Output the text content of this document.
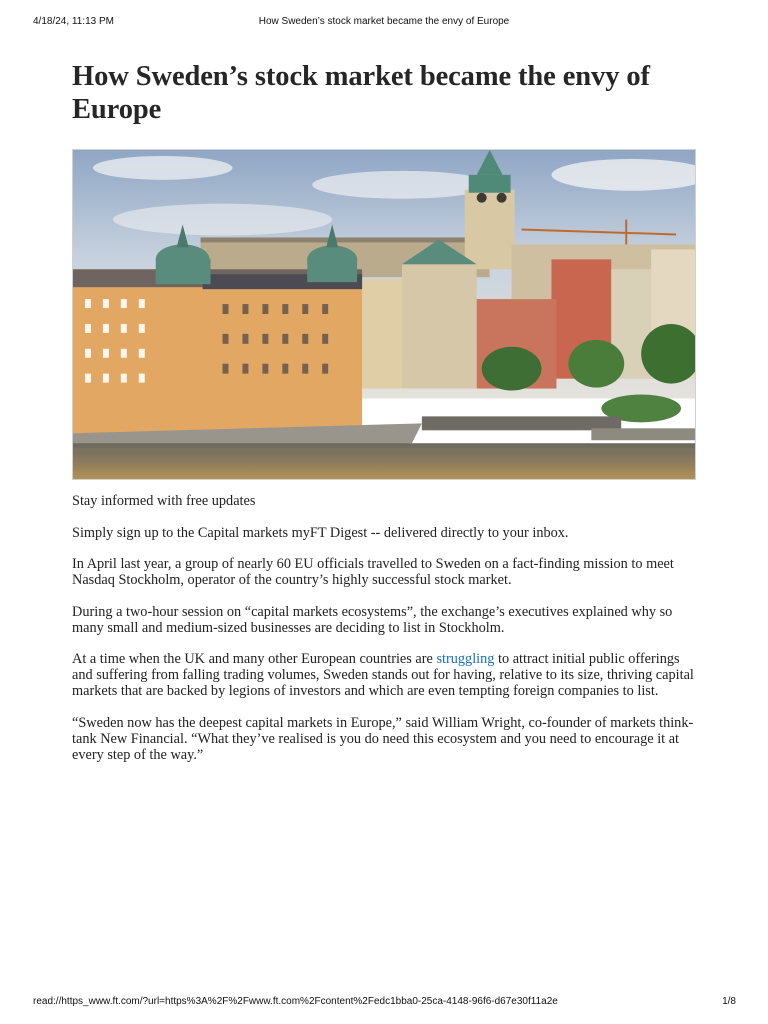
4/18/24, 11:13 PM	How Sweden’s stock market became the envy of Europe
How Sweden’s stock market became the envy of Europe

Stay informed with free updates

Simply sign up to the Capital markets myFT Digest -- delivered directly to your inbox.

In April last year, a group of nearly 60 EU officials travelled to Sweden on a fact-finding mission to meet Nasdaq Stockholm, operator of the country’s highly successful stock market.

During a two-hour session on “capital markets ecosystems”, the exchange’s executives explained why so many small and medium-sized businesses are deciding to list in Stockholm.

At a time when the UK and many other European countries are struggling to attract initial public offerings and suffering from falling trading volumes, Sweden stands out for having, relative to its size, thriving capital markets that are backed by legions of investors and which are even tempting foreign companies to list.

“Sweden now has the deepest capital markets in Europe,” said William Wright, co-founder of markets think-tank New Financial. “What they’ve realised is you do need this ecosystem and you need to encourage it at every step of the way.”

read://https_www.ft.com/?url=https%3A%2F%2Fwww.ft.com%2Fcontent%2Fedc1bba0-25ca-4148-96f6-d67e30f11a2e	1/8
